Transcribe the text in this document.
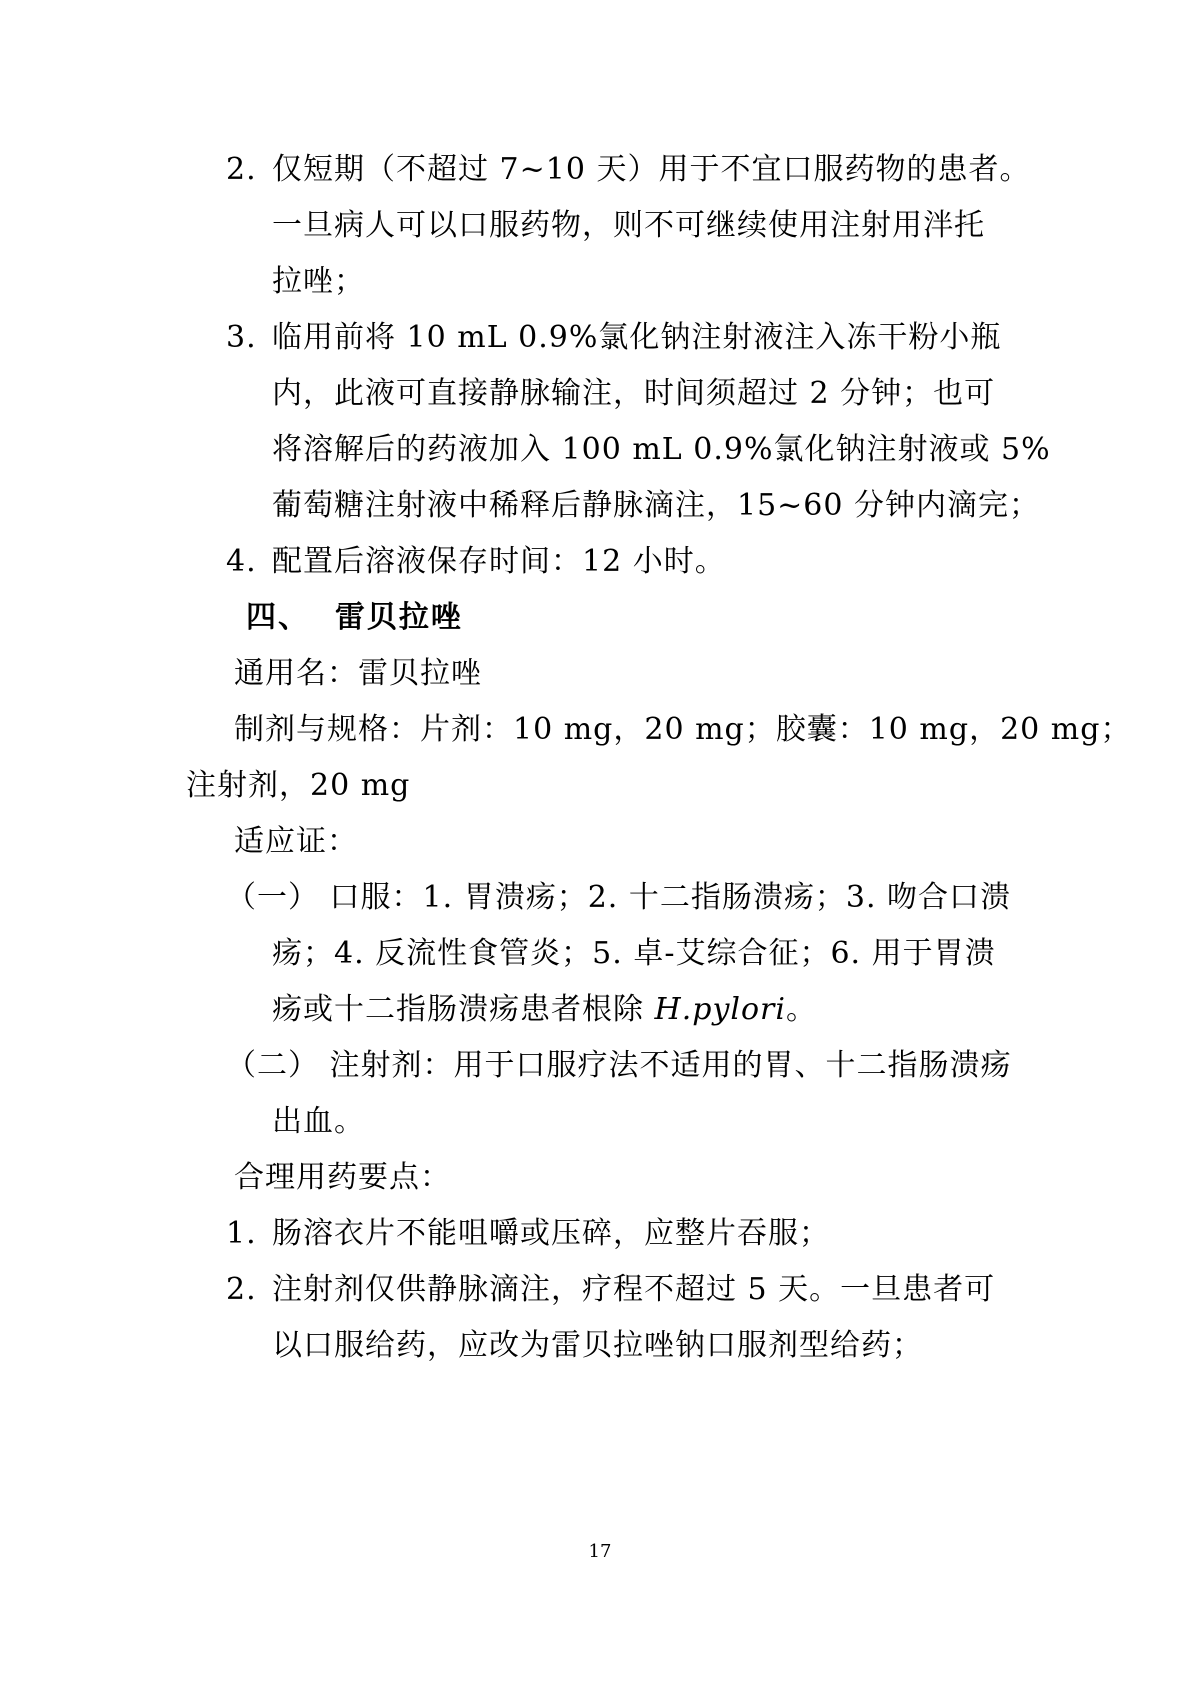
2. 仅短期（不超过 7~10 天）用于不宜口服药物的患者。
一旦病人可以口服药物，则不可继续使用注射用泮托
拉唑；
3. 临用前将 10 mL 0.9%氯化钠注射液注入冻干粉小瓶
内，此液可直接静脉输注，时间须超过 2 分钟；也可
将溶解后的药液加入 100 mL 0.9%氯化钠注射液或 5%
葡萄糖注射液中稀释后静脉滴注，15~60 分钟内滴完；
4. 配置后溶液保存时间：12 小时。
四、 雷贝拉唑
通用名：雷贝拉唑
制剂与规格：片剂：10 mg，20 mg；胶囊：10 mg，20 mg；
注射剂，20 mg
适应证：
（一） 口服：1. 胃溃疡；2. 十二指肠溃疡；3. 吻合口溃
疡；4. 反流性食管炎；5. 卓-艾综合征；6. 用于胃溃
疡或十二指肠溃疡患者根除 H.pylori。
（二） 注射剂：用于口服疗法不适用的胃、十二指肠溃疡
出血。
合理用药要点：
1. 肠溶衣片不能咀嚼或压碎，应整片吞服；
2. 注射剂仅供静脉滴注，疗程不超过 5 天。一旦患者可
以口服给药，应改为雷贝拉唑钠口服剂型给药；
17
